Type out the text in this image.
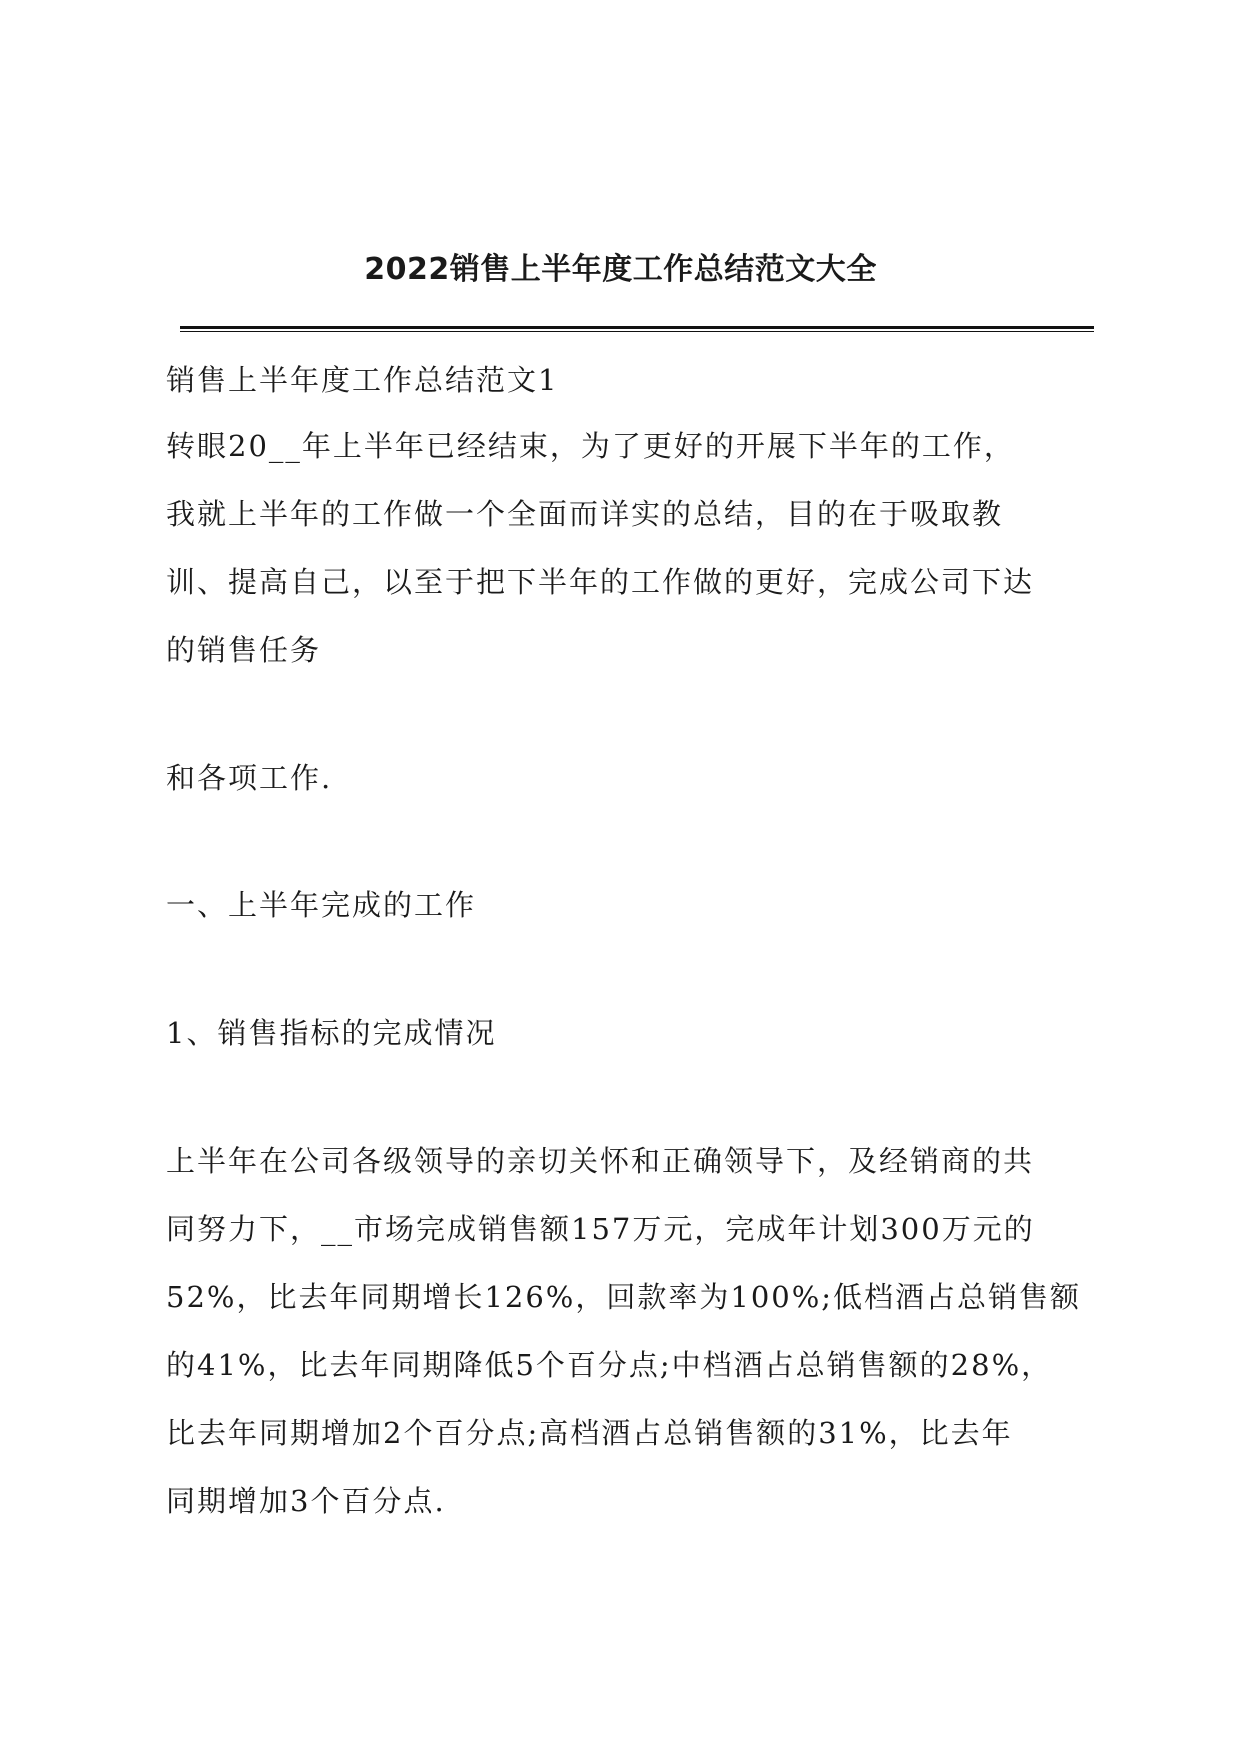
2022销售上半年度工作总结范文大全

销售上半年度工作总结范文1

转眼20__年上半年已经结束，为了更好的开展下半年的工作，

我就上半年的工作做一个全面而详实的总结，目的在于吸取教

训、提高自己，以至于把下半年的工作做的更好，完成公司下达

的销售任务

和各项工作.

一、上半年完成的工作

1、销售指标的完成情况

上半年在公司各级领导的亲切关怀和正确领导下，及经销商的共

同努力下，__市场完成销售额157万元，完成年计划300万元的

52%，比去年同期增长126%，回款率为100%;低档酒占总销售额

的41%，比去年同期降低5个百分点;中档酒占总销售额的28%，

比去年同期增加2个百分点;高档酒占总销售额的31%，比去年

同期增加3个百分点.
